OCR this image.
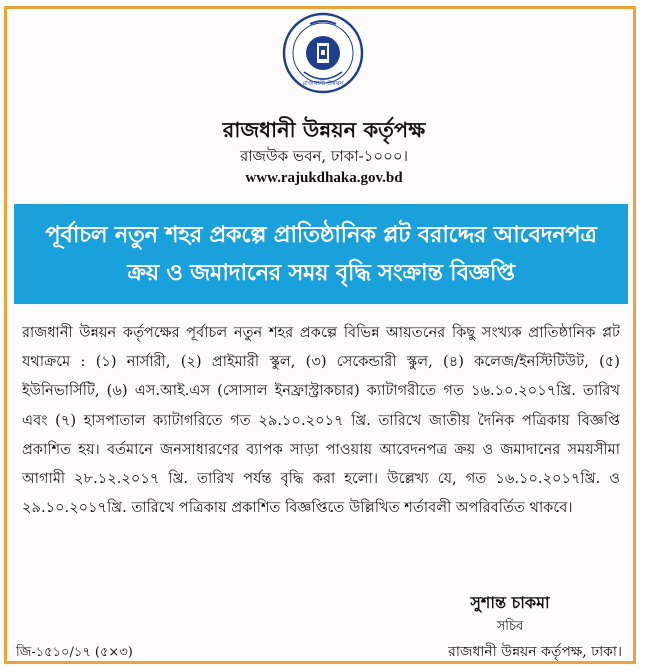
রাজধানী উন্নয়ন
রাজধানী উন্নয়ন কর্তৃপক্ষ
রাজউক ভবন, ঢাকা-১০০০।
www.rajukdhaka.gov.bd
পূর্বাচল নতুন শহর প্রকল্পে প্রাতিষ্ঠানিক প্লট বরাদ্দের আবেদনপত্র
ক্রয় ও জমাদানের সময় বৃদ্ধি সংক্রান্ত বিজ্ঞপ্তি

রাজধানী উন্নয়ন কর্তৃপক্ষের পূর্বাচল নতুন শহর প্রকল্পে বিভিন্ন আয়তনের কিছু সংখ্যক প্রাতিষ্ঠানিক প্লট যথাক্রমে : (১) নার্সারী, (২) প্রাইমারী স্কুল, (৩) সেকেন্ডারী স্কুল, (৪) কলেজ/ইনস্টিটিউট, (৫) ইউনিভার্সিটি, (৬) এস.আই.এস (সোসাল ইনফ্রাস্ট্রাকচার) ক্যাটাগরীতে গত ১৬.১০.২০১৭খ্রি. তারিখ এবং (৭) হাসপাতাল ক্যাটাগরিতে গত ২৯.১০.২০১৭ খ্রি. তারিখে জাতীয় দৈনিক পত্রিকায় বিজ্ঞপ্তি প্রকাশিত হয়। বর্তমানে জনসাধারণের ব্যাপক সাড়া পাওয়ায় আবেদনপত্র ক্রয় ও জমাদানের সময়সীমা আগামী ২৮.১২.২০১৭ খ্রি. তারিখ পর্যন্ত বৃদ্ধি করা হলো। উল্লেখ্য যে, গত ১৬.১০.২০১৭খ্রি. ও ২৯.১০.২০১৭খ্রি. তারিখে পত্রিকায় প্রকাশিত বিজ্ঞপ্তিতে উল্লিখিত শর্তাবলী অপরিবর্তিত থাকবে।

সুশান্ত চাকমা
সচিব
রাজধানী উন্নয়ন কর্তৃপক্ষ, ঢাকা।
জি-১৫১০/১৭ (৫×৩)
